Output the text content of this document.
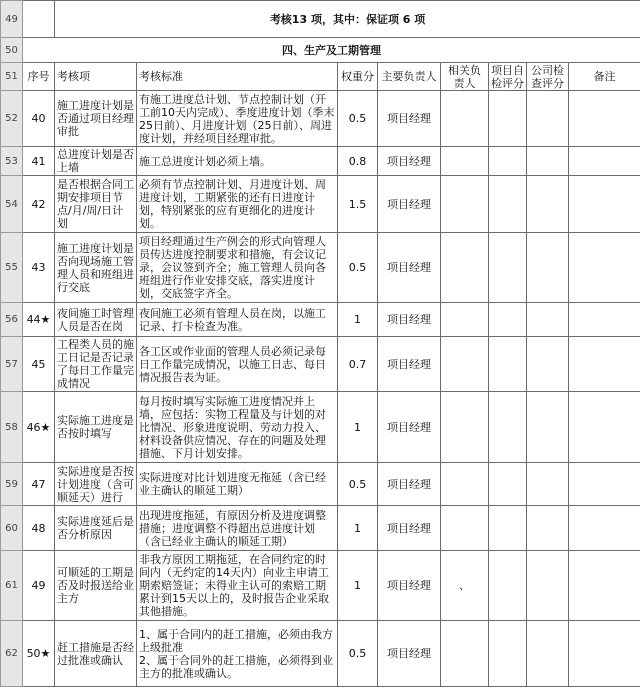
49		考核13 项，其中：保证项 6 项							
50	四、生产及工期管理								
51	序号	考核项	考核标准	权重分	主要负责人	相关负责人	项目自检评分	公司检查评分	备注
52	40	施工进度计划是否通过项目经理审批	有施工进度总计划、节点控制计划（开工前10天内完成）、季度进度计划（季末25日前）、月进度计划（25日前）、周进度计划，并经项目经理审批。	0.5	项目经理				
53	41	总进度计划是否上墙	施工总进度计划必须上墙。	0.8	项目经理				
54	42	是否根据合同工期安排项目节点/月/周/日计划	必须有节点控制计划、月进度计划、周进度计划，工期紧张的还有日进度计划，特别紧张的应有更细化的进度计划。	1.5	项目经理				
55	43	施工进度计划是否向现场施工管理人员和班组进行交底	项目经理通过生产例会的形式向管理人员传达进度控制要求和措施，有会议记录，会议签到齐全；施工管理人员向各班组进行作业安排交底，落实进度计划，交底签字齐全。	0.5	项目经理				
56	44★	夜间施工时管理人员是否在岗	夜间施工必须有管理人员在岗，以施工记录、打卡检查为准。	1	项目经理				
57	45	工程类人员的施工日记是否记录了每日工作量完成情况	各工区或作业面的管理人员必须记录每日工作量完成情况，以施工日志、每日情况报告表为证。	0.7	项目经理				
58	46★	实际施工进度是否按时填写	每月按时填写实际施工进度情况并上墙，应包括：实物工程量及与计划的对比情况、形象进度说明、劳动力投入、材料设备供应情况、存在的问题及处理措施、下月计划安排。	1	项目经理				
59	47	实际进度是否按计划进度（含可顺延天）进行	实际进度对比计划进度无拖延（含已经业主确认的顺延工期）	0.5	项目经理				
60	48	实际进度延后是否分析原因	出现进度拖延，有原因分析及进度调整措施；进度调整不得超出总进度计划（含已经业主确认的顺延工期）	1	项目经理				
61	49	可顺延的工期是否及时报送给业主方	非我方原因工期拖延，在合同约定的时间内（无约定的14天内）向业主申请工期索赔签证；未得业主认可的索赔工期累计到15天以上的，及时报告企业采取其他措施。	1	项目经理	、			
62	50★	赶工措施是否经过批准或确认	1、属于合同内的赶工措施，必须由我方上级批准
2、属于合同外的赶工措施，必须得到业主方的批准或确认。	0.5	项目经理				
